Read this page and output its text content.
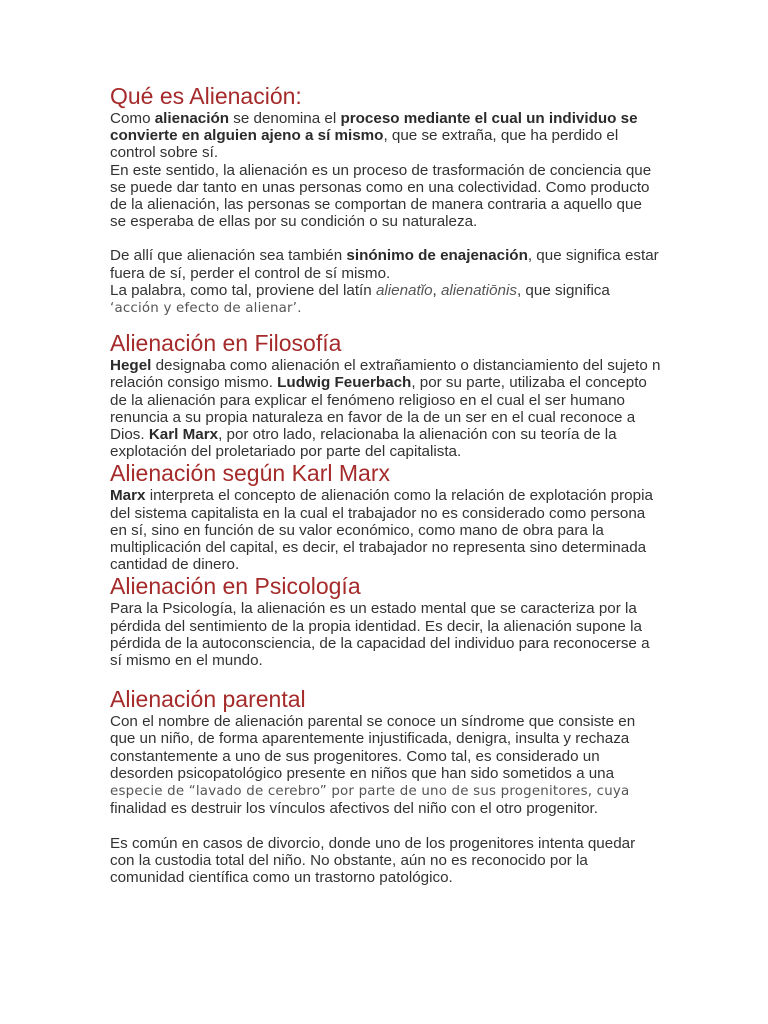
Qué es Alienación:

Como alienación se denomina el proceso mediante el cual un individuo se convierte en alguien ajeno a sí mismo, que se extraña, que ha perdido el control sobre sí.

En este sentido, la alienación es un proceso de trasformación de conciencia que se puede dar tanto en unas personas como en una colectividad. Como producto de la alienación, las personas se comportan de manera contraria a aquello que se esperaba de ellas por su condición o su naturaleza.

De allí que alienación sea también sinónimo de enajenación, que significa estar fuera de sí, perder el control de sí mismo.

La palabra, como tal, proviene del latín alienatĭo, alienatiōnis, que significa
‘acción y efecto de alienar’.

Alienación en Filosofía

Hegel designaba como alienación el extrañamiento o distanciamiento del sujeto n relación consigo mismo. Ludwig Feuerbach, por su parte, utilizaba el concepto de la alienación para explicar el fenómeno religioso en el cual el ser humano renuncia a su propia naturaleza en favor de la de un ser en el cual reconoce a Dios. Karl Marx, por otro lado, relacionaba la alienación con su teoría de la explotación del proletariado por parte del capitalista.

Alienación según Karl Marx

Marx interpreta el concepto de alienación como la relación de explotación propia del sistema capitalista en la cual el trabajador no es considerado como persona en sí, sino en función de su valor económico, como mano de obra para la multiplicación del capital, es decir, el trabajador no representa sino determinada cantidad de dinero.

Alienación en Psicología

Para la Psicología, la alienación es un estado mental que se caracteriza por la pérdida del sentimiento de la propia identidad. Es decir, la alienación supone la pérdida de la autoconsciencia, de la capacidad del individuo para reconocerse a sí mismo en el mundo.

Alienación parental

Con el nombre de alienación parental se conoce un síndrome que consiste en que un niño, de forma aparentemente injustificada, denigra, insulta y rechaza constantemente a uno de sus progenitores. Como tal, es considerado un desorden psicopatológico presente en niños que han sido sometidos a una
especie de “lavado de cerebro” por parte de uno de sus progenitores, cuya
finalidad es destruir los vínculos afectivos del niño con el otro progenitor.

Es común en casos de divorcio, donde uno de los progenitores intenta quedar con la custodia total del niño. No obstante, aún no es reconocido por la comunidad científica como un trastorno patológico.
